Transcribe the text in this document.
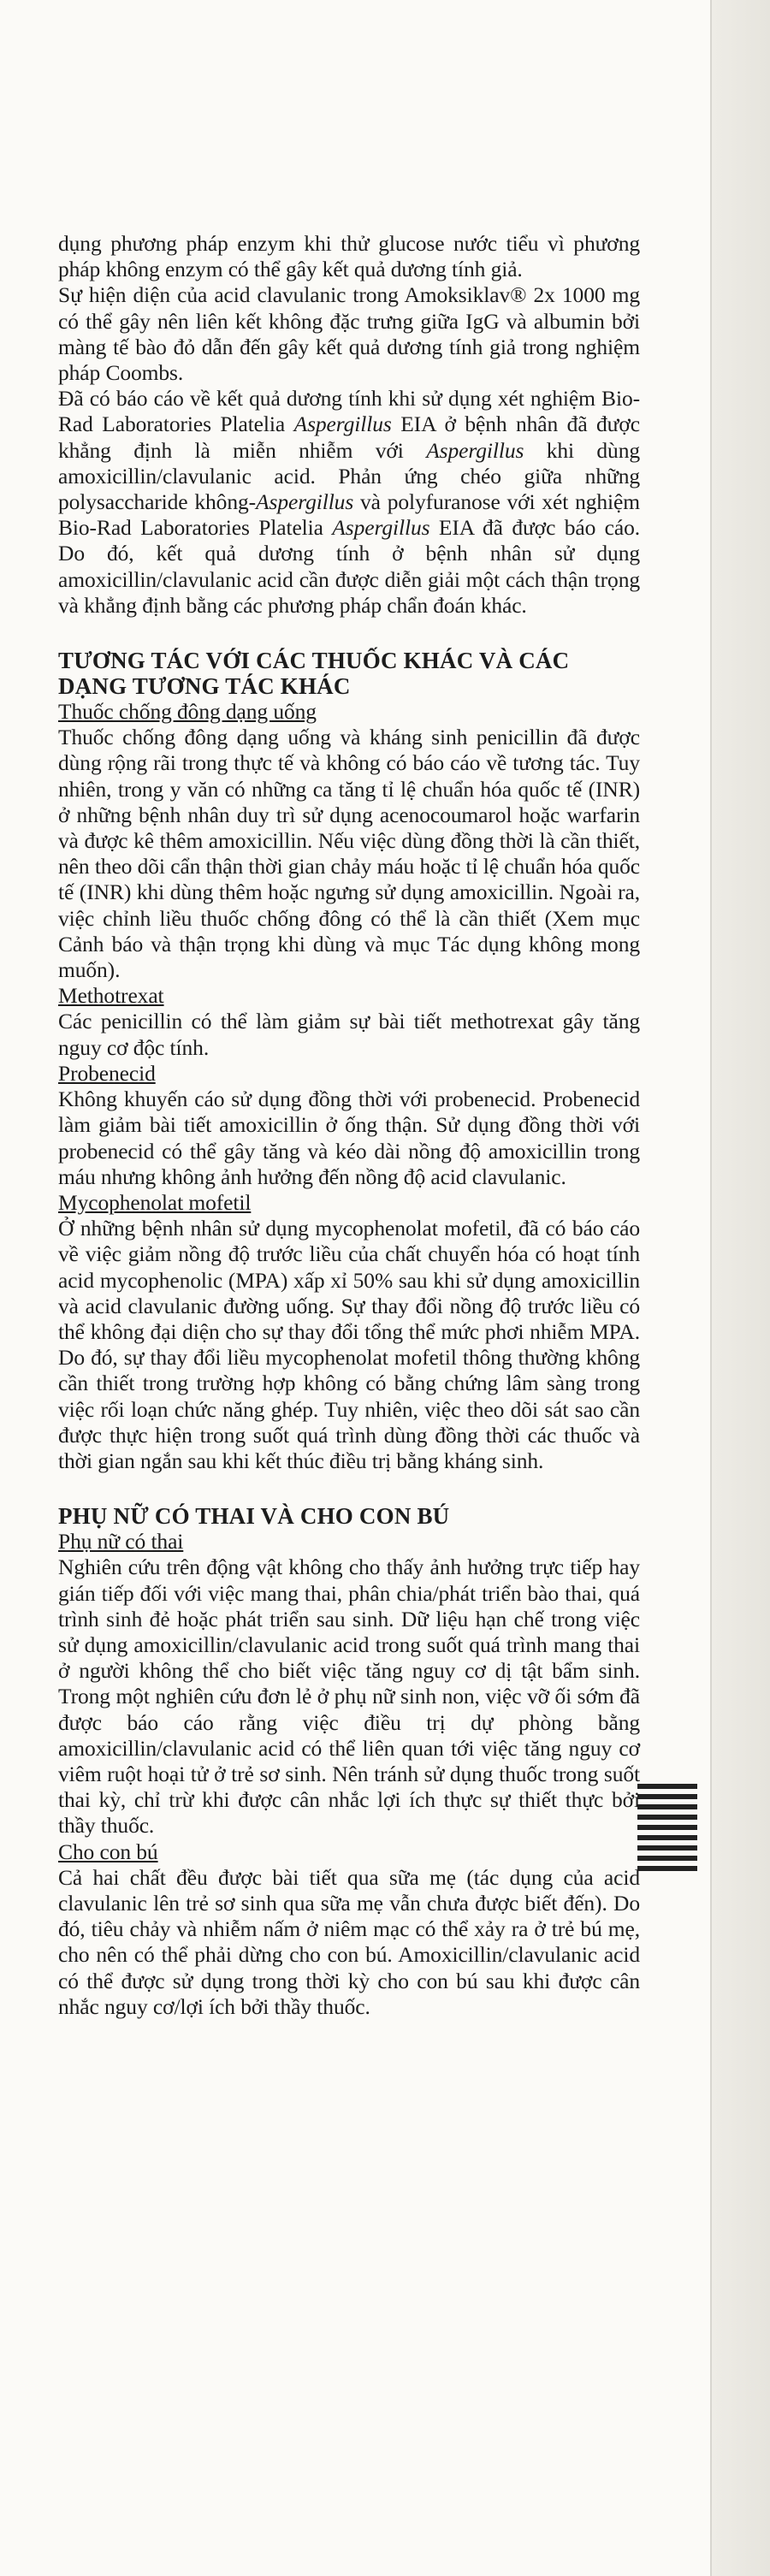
dụng phương pháp enzym khi thử glucose nước tiểu vì phương pháp không enzym có thể gây kết quả dương tính giả.

Sự hiện diện của acid clavulanic trong Amoksiklav® 2x 1000 mg có thể gây nên liên kết không đặc trưng giữa IgG và albumin bởi màng tế bào đỏ dẫn đến gây kết quả dương tính giả trong nghiệm pháp Coombs.

Đã có báo cáo về kết quả dương tính khi sử dụng xét nghiệm Bio-Rad Laboratories Platelia Aspergillus EIA ở bệnh nhân đã được khẳng định là miễn nhiễm với Aspergillus khi dùng amoxicillin/clavulanic acid. Phản ứng chéo giữa những polysaccharide không-Aspergillus và polyfuranose với xét nghiệm Bio-Rad Laboratories Platelia Aspergillus EIA đã được báo cáo. Do đó, kết quả dương tính ở bệnh nhân sử dụng amoxicillin/clavulanic acid cần được diễn giải một cách thận trọng và khẳng định bằng các phương pháp chẩn đoán khác.

TƯƠNG TÁC VỚI CÁC THUỐC KHÁC VÀ CÁC DẠNG TƯƠNG TÁC KHÁC
Thuốc chống đông dạng uống

Thuốc chống đông dạng uống và kháng sinh penicillin đã được dùng rộng rãi trong thực tế và không có báo cáo về tương tác. Tuy nhiên, trong y văn có những ca tăng tỉ lệ chuẩn hóa quốc tế (INR) ở những bệnh nhân duy trì sử dụng acenocoumarol hoặc warfarin và được kê thêm amoxicillin. Nếu việc dùng đồng thời là cần thiết, nên theo dõi cẩn thận thời gian chảy máu hoặc tỉ lệ chuẩn hóa quốc tế (INR) khi dùng thêm hoặc ngưng sử dụng amoxicillin. Ngoài ra, việc chỉnh liều thuốc chống đông có thể là cần thiết (Xem mục Cảnh báo và thận trọng khi dùng và mục Tác dụng không mong muốn).

Methotrexat

Các penicillin có thể làm giảm sự bài tiết methotrexat gây tăng nguy cơ độc tính.

Probenecid

Không khuyến cáo sử dụng đồng thời với probenecid. Probenecid làm giảm bài tiết amoxicillin ở ống thận. Sử dụng đồng thời với probenecid có thể gây tăng và kéo dài nồng độ amoxicillin trong máu nhưng không ảnh hưởng đến nồng độ acid clavulanic.

Mycophenolat mofetil

Ở những bệnh nhân sử dụng mycophenolat mofetil, đã có báo cáo về việc giảm nồng độ trước liều của chất chuyển hóa có hoạt tính acid mycophenolic (MPA) xấp xỉ 50% sau khi sử dụng amoxicillin và acid clavulanic đường uống. Sự thay đổi nồng độ trước liều có thể không đại diện cho sự thay đổi tổng thể mức phơi nhiễm MPA. Do đó, sự thay đổi liều mycophenolat mofetil thông thường không cần thiết trong trường hợp không có bằng chứng lâm sàng trong việc rối loạn chức năng ghép. Tuy nhiên, việc theo dõi sát sao cần được thực hiện trong suốt quá trình dùng đồng thời các thuốc và thời gian ngắn sau khi kết thúc điều trị bằng kháng sinh.

PHỤ NỮ CÓ THAI VÀ CHO CON BÚ
Phụ nữ có thai

Nghiên cứu trên động vật không cho thấy ảnh hưởng trực tiếp hay gián tiếp đối với việc mang thai, phân chia/phát triển bào thai, quá trình sinh đẻ hoặc phát triển sau sinh. Dữ liệu hạn chế trong việc sử dụng amoxicillin/clavulanic acid trong suốt quá trình mang thai ở người không thể cho biết việc tăng nguy cơ dị tật bẩm sinh. Trong một nghiên cứu đơn lẻ ở phụ nữ sinh non, việc vỡ ối sớm đã được báo cáo rằng việc điều trị dự phòng bằng amoxicillin/clavulanic acid có thể liên quan tới việc tăng nguy cơ viêm ruột hoại tử ở trẻ sơ sinh. Nên tránh sử dụng thuốc trong suốt thai kỳ, chỉ trừ khi được cân nhắc lợi ích thực sự thiết thực bởi thầy thuốc.

Cho con bú

Cả hai chất đều được bài tiết qua sữa mẹ (tác dụng của acid clavulanic lên trẻ sơ sinh qua sữa mẹ vẫn chưa được biết đến). Do đó, tiêu chảy và nhiễm nấm ở niêm mạc có thể xảy ra ở trẻ bú mẹ, cho nên có thể phải dừng cho con bú. Amoxicillin/clavulanic acid có thể được sử dụng trong thời kỳ cho con bú sau khi được cân nhắc nguy cơ/lợi ích bởi thầy thuốc.
